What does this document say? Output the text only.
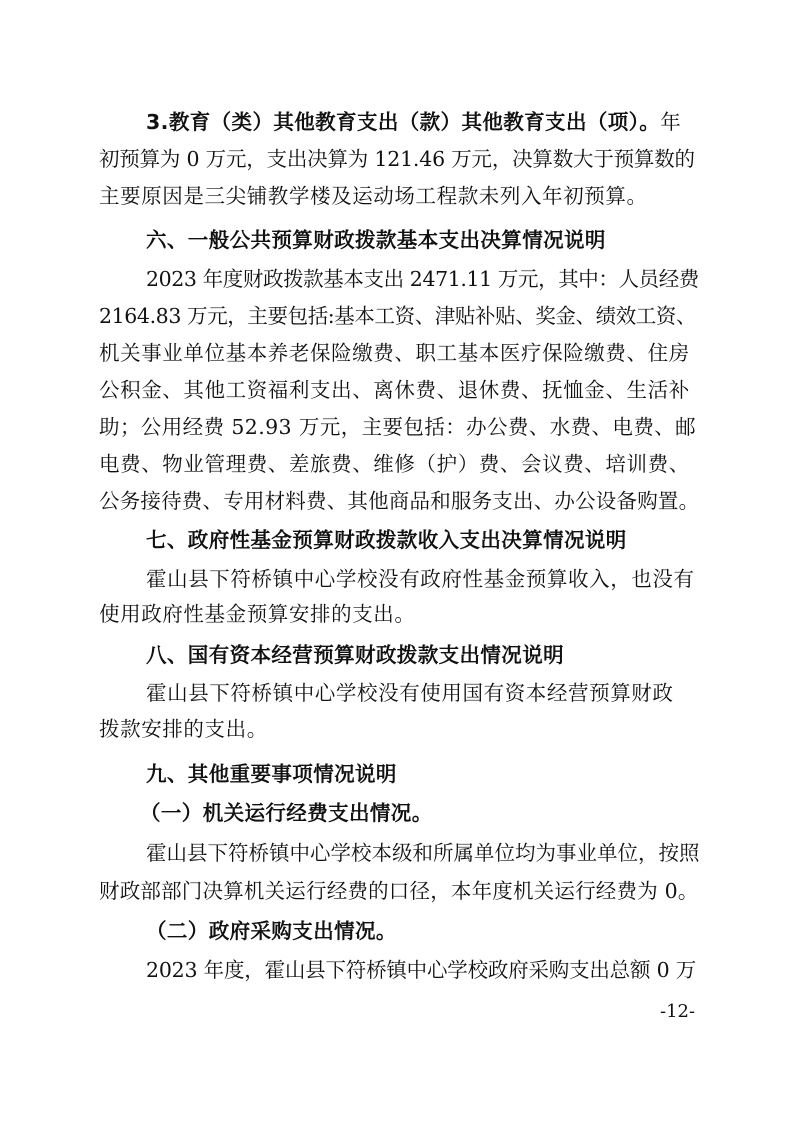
3.教育（类）其他教育支出（款）其他教育支出（项）。年

初预算为 0 万元，支出决算为 121.46 万元，决算数大于预算数的

主要原因是三尖铺教学楼及运动场工程款未列入年初预算。

六、一般公共预算财政拨款基本支出决算情况说明

2023 年度财政拨款基本支出 2471.11 万元，其中：人员经费

2164.83 万元，主要包括:基本工资、津贴补贴、奖金、绩效工资、

机关事业单位基本养老保险缴费、职工基本医疗保险缴费、住房

公积金、其他工资福利支出、离休费、退休费、抚恤金、生活补

助；公用经费 52.93 万元，主要包括：办公费、水费、电费、邮

电费、物业管理费、差旅费、维修（护）费、会议费、培训费、

公务接待费、专用材料费、其他商品和服务支出、办公设备购置。

七、政府性基金预算财政拨款收入支出决算情况说明

霍山县下符桥镇中心学校没有政府性基金预算收入，也没有

使用政府性基金预算安排的支出。

八、国有资本经营预算财政拨款支出情况说明

霍山县下符桥镇中心学校没有使用国有资本经营预算财政

拨款安排的支出。

九、其他重要事项情况说明

（一）机关运行经费支出情况。

霍山县下符桥镇中心学校本级和所属单位均为事业单位，按照

财政部部门决算机关运行经费的口径，本年度机关运行经费为 0。

（二）政府采购支出情况。

2023 年度，霍山县下符桥镇中心学校政府采购支出总额 0 万

-12-
